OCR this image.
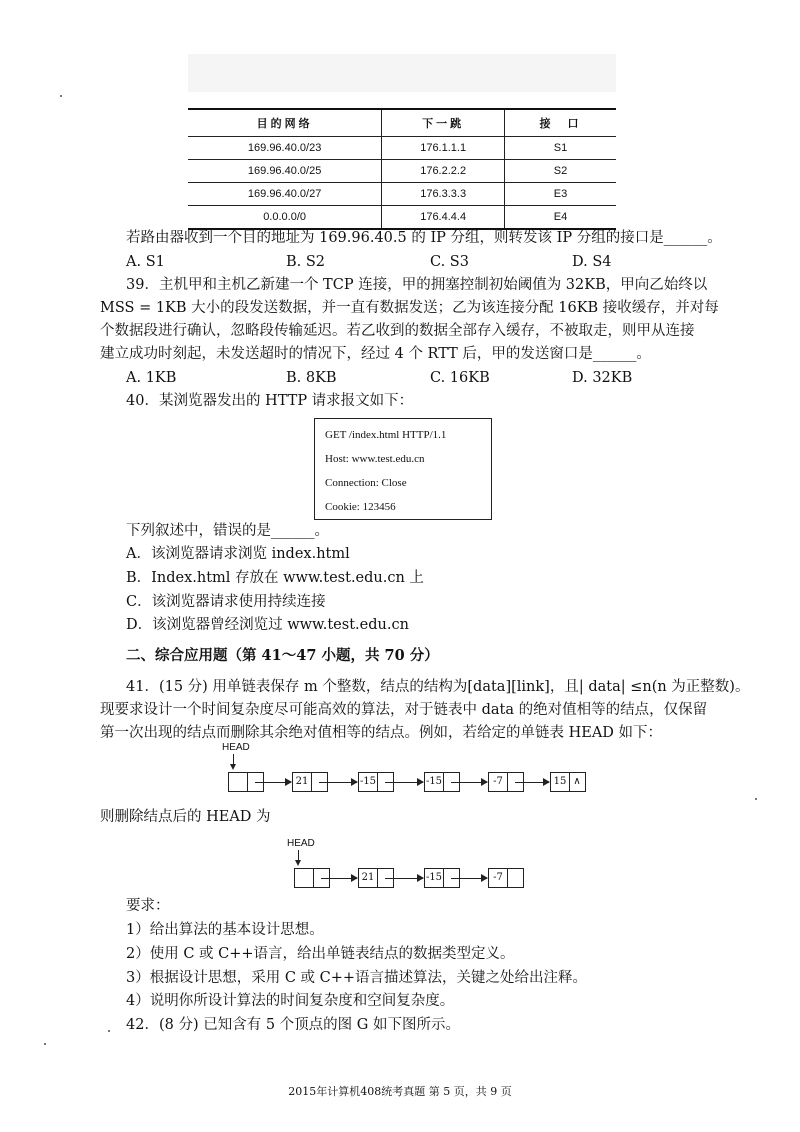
目的网络	下一跳	接　口
169.96.40.0/23	176.1.1.1	S1
169.96.40.0/25	176.2.2.2	S2
169.96.40.0/27	176.3.3.3	E3
0.0.0.0/0	176.4.4.4	E4
若路由器收到一个目的地址为 169.96.40.5 的 IP 分组，则转发该 IP 分组的接口是______。
A. S1	B. S2	C. S3	D. S4
39．主机甲和主机乙新建一个 TCP 连接，甲的拥塞控制初始阈值为 32KB，甲向乙始终以
MSS = 1KB 大小的段发送数据，并一直有数据发送；乙为该连接分配 16KB 接收缓存，并对每
个数据段进行确认，忽略段传输延迟。若乙收到的数据全部存入缓存，不被取走，则甲从连接
建立成功时刻起，未发送超时的情况下，经过 4 个 RTT 后，甲的发送窗口是______。
A. 1KB	B. 8KB	C. 16KB	D. 32KB
40．某浏览器发出的 HTTP 请求报文如下：
GET /index.html HTTP/1.1
Host: www.test.edu.cn
Connection: Close
Cookie: 123456
下列叙述中，错误的是______。
A．该浏览器请求浏览 index.html
B．Index.html 存放在 www.test.edu.cn 上
C．该浏览器请求使用持续连接
D．该浏览器曾经浏览过 www.test.edu.cn
二、综合应用题（第 41～47 小题，共 70 分）
41．(15 分) 用单链表保存 m 个整数，结点的结构为[data][link]，且| data| ≤n(n 为正整数)。
现要求设计一个时间复杂度尽可能高效的算法，对于链表中 data 的绝对值相等的结点，仅保留
第一次出现的结点而删除其余绝对值相等的结点。例如，若给定的单链表 HEAD 如下：
HEAD
21	-15	-15	-7	15 ∧
则删除结点后的 HEAD 为
HEAD
21	-15	-7
要求：
1）给出算法的基本设计思想。
2）使用 C 或 C++语言，给出单链表结点的数据类型定义。
3）根据设计思想，采用 C 或 C++语言描述算法，关键之处给出注释。
4）说明你所设计算法的时间复杂度和空间复杂度。
42．(8 分) 已知含有 5 个顶点的图 G 如下图所示。
2015年计算机408统考真题 第 5 页，共 9 页
